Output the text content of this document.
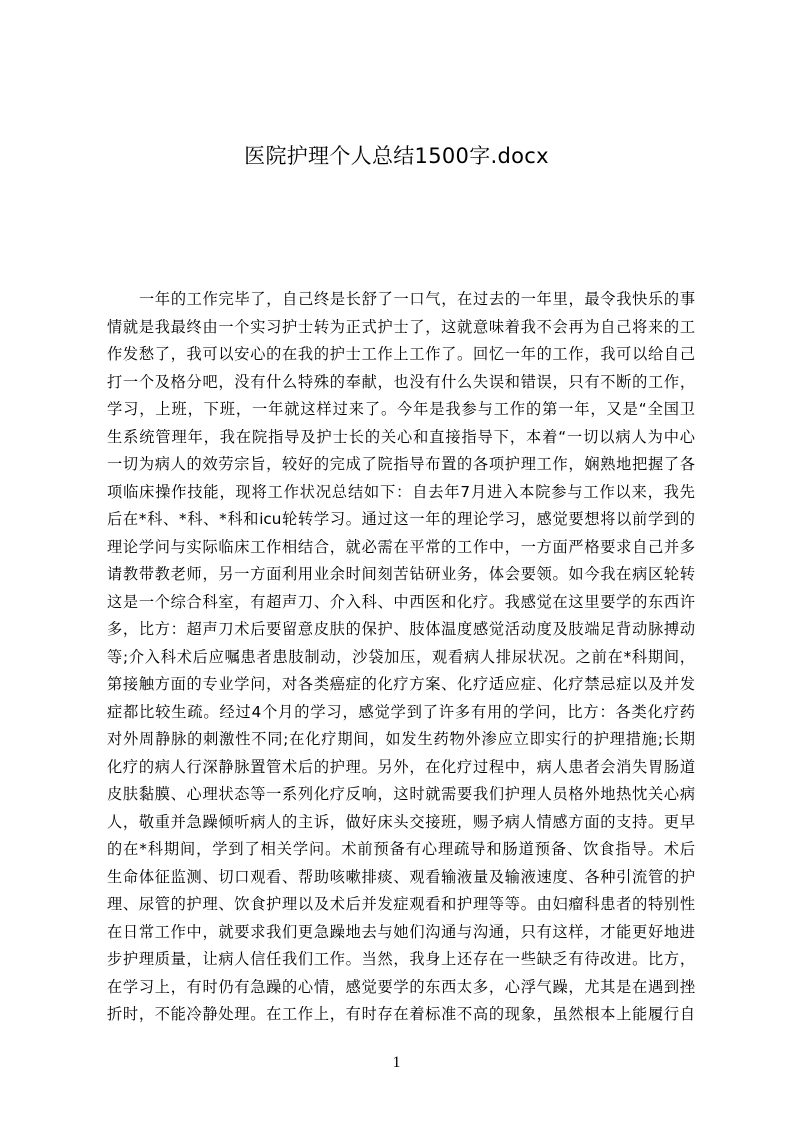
医院护理个人总结1500字.docx
一年的工作完毕了，自己终是长舒了一口气，在过去的一年里，最令我快乐的事
情就是我最终由一个实习护士转为正式护士了，这就意味着我不会再为自己将来的工
作发愁了，我可以安心的在我的护士工作上工作了。回忆一年的工作，我可以给自己
打一个及格分吧，没有什么特殊的奉献，也没有什么失误和错误，只有不断的工作，
学习，上班，下班，一年就这样过来了。今年是我参与工作的第一年，又是“全国卫
生系统管理年，我在院指导及护士长的关心和直接指导下，本着“一切以病人为中心
一切为病人的效劳宗旨，较好的完成了院指导布置的各项护理工作，娴熟地把握了各
项临床操作技能，现将工作状况总结如下：自去年7月进入本院参与工作以来，我先
后在*科、*科、*科和icu轮转学习。通过这一年的理论学习，感觉要想将以前学到的
理论学问与实际临床工作相结合，就必需在平常的工作中，一方面严格要求自己并多
请教带教老师，另一方面利用业余时间刻苦钻研业务，体会要领。如今我在病区轮转
这是一个综合科室，有超声刀、介入科、中西医和化疗。我感觉在这里要学的东西许
多，比方：超声刀术后要留意皮肤的保护、肢体温度感觉活动度及肢端足背动脉搏动
等;介入科术后应嘱患者患肢制动，沙袋加压，观看病人排尿状况。之前在*科期间，
第接触方面的专业学问，对各类癌症的化疗方案、化疗适应症、化疗禁忌症以及并发
症都比较生疏。经过4个月的学习，感觉学到了许多有用的学问，比方：各类化疗药
对外周静脉的刺激性不同;在化疗期间，如发生药物外渗应立即实行的护理措施;长期
化疗的病人行深静脉置管术后的护理。另外，在化疗过程中，病人患者会消失胃肠道
皮肤黏膜、心理状态等一系列化疗反响，这时就需要我们护理人员格外地热忱关心病
人，敬重并急躁倾听病人的主诉，做好床头交接班，赐予病人情感方面的支持。更早
的在*科期间，学到了相关学问。术前预备有心理疏导和肠道预备、饮食指导。术后
生命体征监测、切口观看、帮助咳嗽排痰、观看输液量及输液速度、各种引流管的护
理、尿管的护理、饮食护理以及术后并发症观看和护理等等。由妇瘤科患者的特别性
在日常工作中，就要求我们更急躁地去与她们沟通与沟通，只有这样，才能更好地进
步护理质量，让病人信任我们工作。当然，我身上还存在一些缺乏有待改进。比方，
在学习上，有时仍有急躁的心情，感觉要学的东西太多，心浮气躁，尤其是在遇到挫
折时，不能冷静处理。在工作上，有时存在着标准不高的现象，虽然根本上能履行自
1
